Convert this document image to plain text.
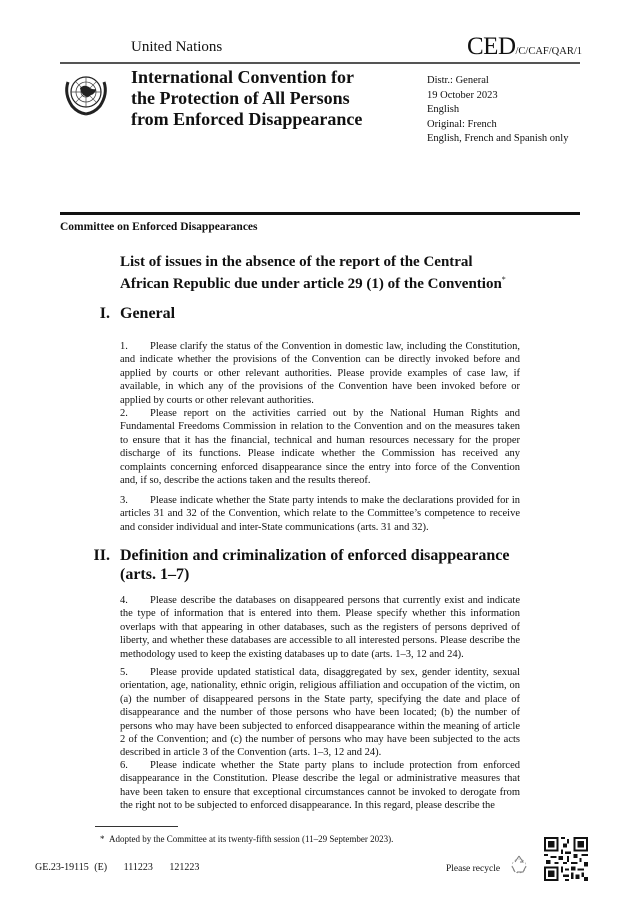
United Nations	CED/C/CAF/QAR/1
International Convention for
the Protection of All Persons
from Enforced Disappearance
Distr.: General
19 October 2023
English
Original: French
English, French and Spanish only
Committee on Enforced Disappearances
List of issues in the absence of the report of the Central
African Republic due under article 29 (1) of the Convention*
I. General
1. Please clarify the status of the Convention in domestic law, including the Constitution, and indicate whether the provisions of the Convention can be directly invoked before and applied by courts or other relevant authorities. Please provide examples of case law, if available, in which any of the provisions of the Convention have been invoked before or applied by courts or other relevant authorities.
2. Please report on the activities carried out by the National Human Rights and Fundamental Freedoms Commission in relation to the Convention and on the measures taken to ensure that it has the financial, technical and human resources necessary for the proper discharge of its functions. Please indicate whether the Commission has received any complaints concerning enforced disappearance since the entry into force of the Convention and, if so, describe the actions taken and the results thereof.
3. Please indicate whether the State party intends to make the declarations provided for in articles 31 and 32 of the Convention, which relate to the Committee’s competence to receive and consider individual and inter-State communications (arts. 31 and 32).
II. Definition and criminalization of enforced disappearance
(arts. 1–7)
4. Please describe the databases on disappeared persons that currently exist and indicate the type of information that is entered into them. Please specify whether this information overlaps with that appearing in other databases, such as the registers of persons deprived of liberty, and whether these databases are accessible to all interested persons. Please describe the methodology used to keep the existing databases up to date (arts. 1–3, 12 and 24).
5. Please provide updated statistical data, disaggregated by sex, gender identity, sexual orientation, age, nationality, ethnic origin, religious affiliation and occupation of the victim, on (a) the number of disappeared persons in the State party, specifying the date and place of disappearance and the number of those persons who have been located; (b) the number of persons who may have been subjected to enforced disappearance within the meaning of article 2 of the Convention; and (c) the number of persons who may have been subjected to the acts described in article 3 of the Convention (arts. 1–3, 12 and 24).
6. Please indicate whether the State party plans to include protection from enforced disappearance in the Constitution. Please describe the legal or administrative measures that have been taken to ensure that exceptional circumstances cannot be invoked to derogate from the right not to be subjected to enforced disappearance. In this regard, please describe the
* Adopted by the Committee at its twenty-fifth session (11–29 September 2023).
GE.23-19115 (E) 111223 121223	Please recycle
